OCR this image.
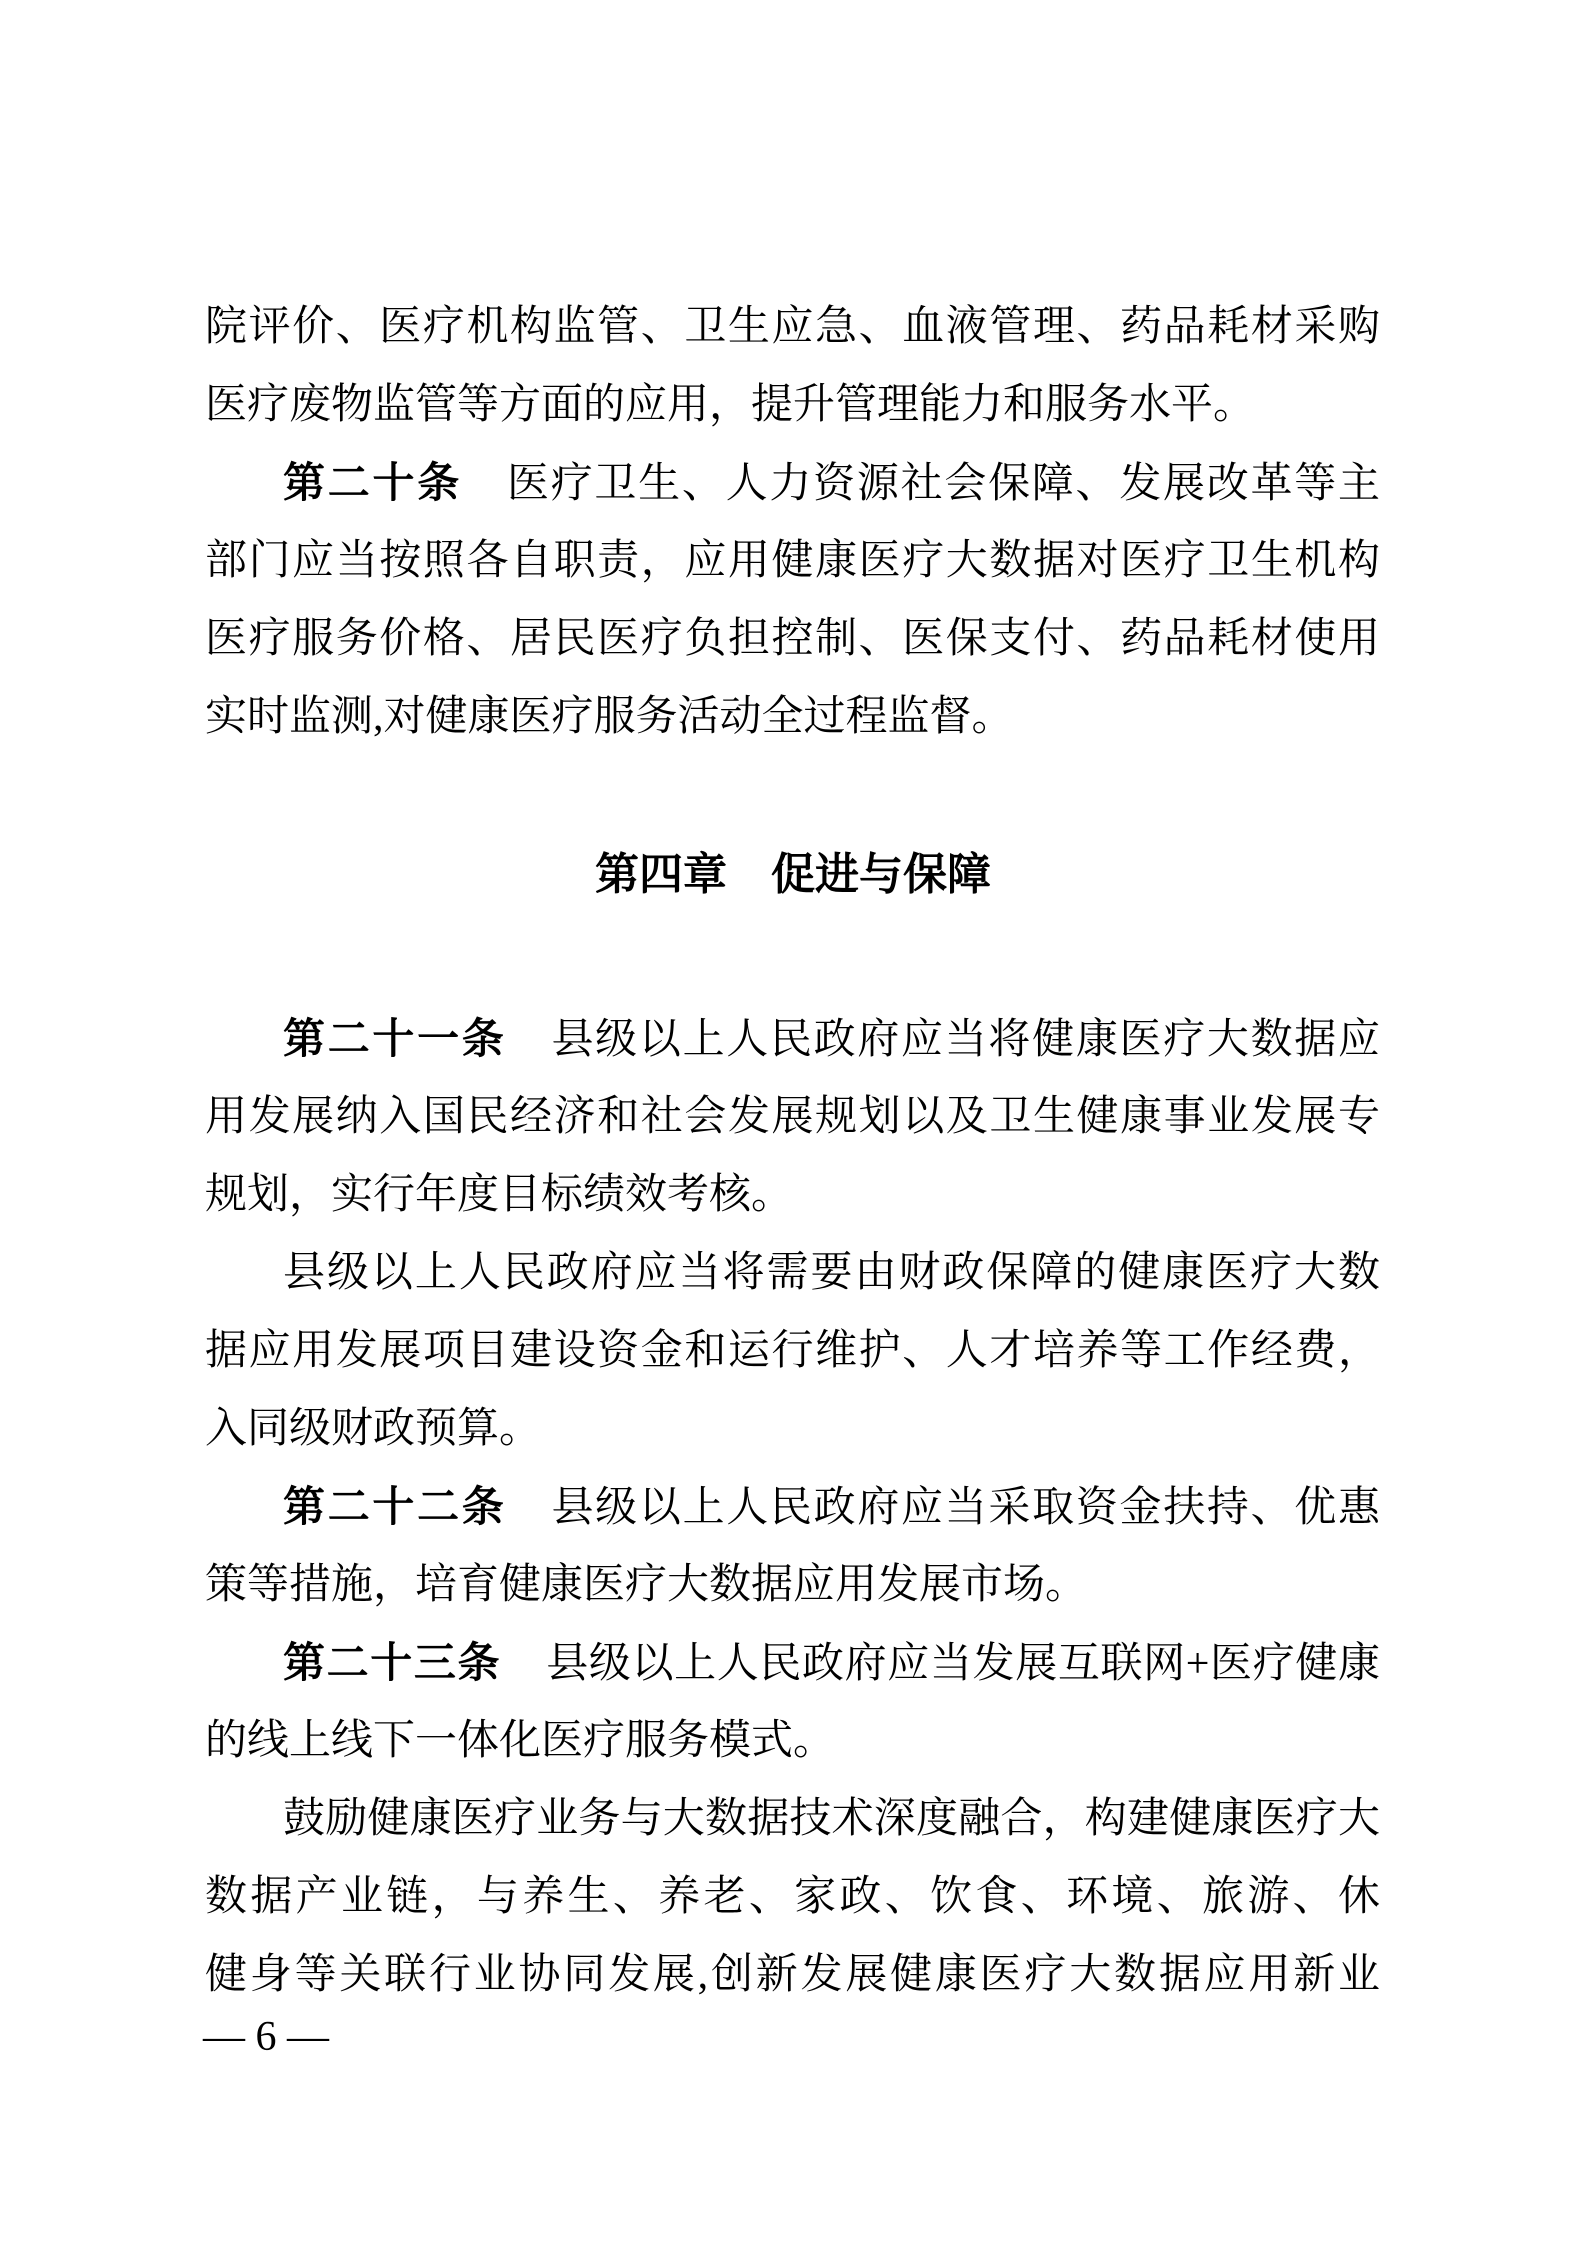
院评价、医疗机构监管、卫生应急、血液管理、药品耗材采购
医疗废物监管等方面的应用，提升管理能力和服务水平。
第二十条 医疗卫生、人力资源社会保障、发展改革等主
部门应当按照各自职责，应用健康医疗大数据对医疗卫生机构
医疗服务价格、居民医疗负担控制、医保支付、药品耗材使用
实时监测,对健康医疗服务活动全过程监督。
第四章 促进与保障
第二十一条 县级以上人民政府应当将健康医疗大数据应
用发展纳入国民经济和社会发展规划以及卫生健康事业发展专
规划，实行年度目标绩效考核。
县级以上人民政府应当将需要由财政保障的健康医疗大数
据应用发展项目建设资金和运行维护、人才培养等工作经费，
入同级财政预算。
第二十二条 县级以上人民政府应当采取资金扶持、优惠
策等措施，培育健康医疗大数据应用发展市场。
第二十三条 县级以上人民政府应当发展互联网+医疗健康
的线上线下一体化医疗服务模式。
鼓励健康医疗业务与大数据技术深度融合，构建健康医疗大
数据产业链，与养生、养老、家政、饮食、环境、旅游、休
健身等关联行业协同发展,创新发展健康医疗大数据应用新业
— 6 —
